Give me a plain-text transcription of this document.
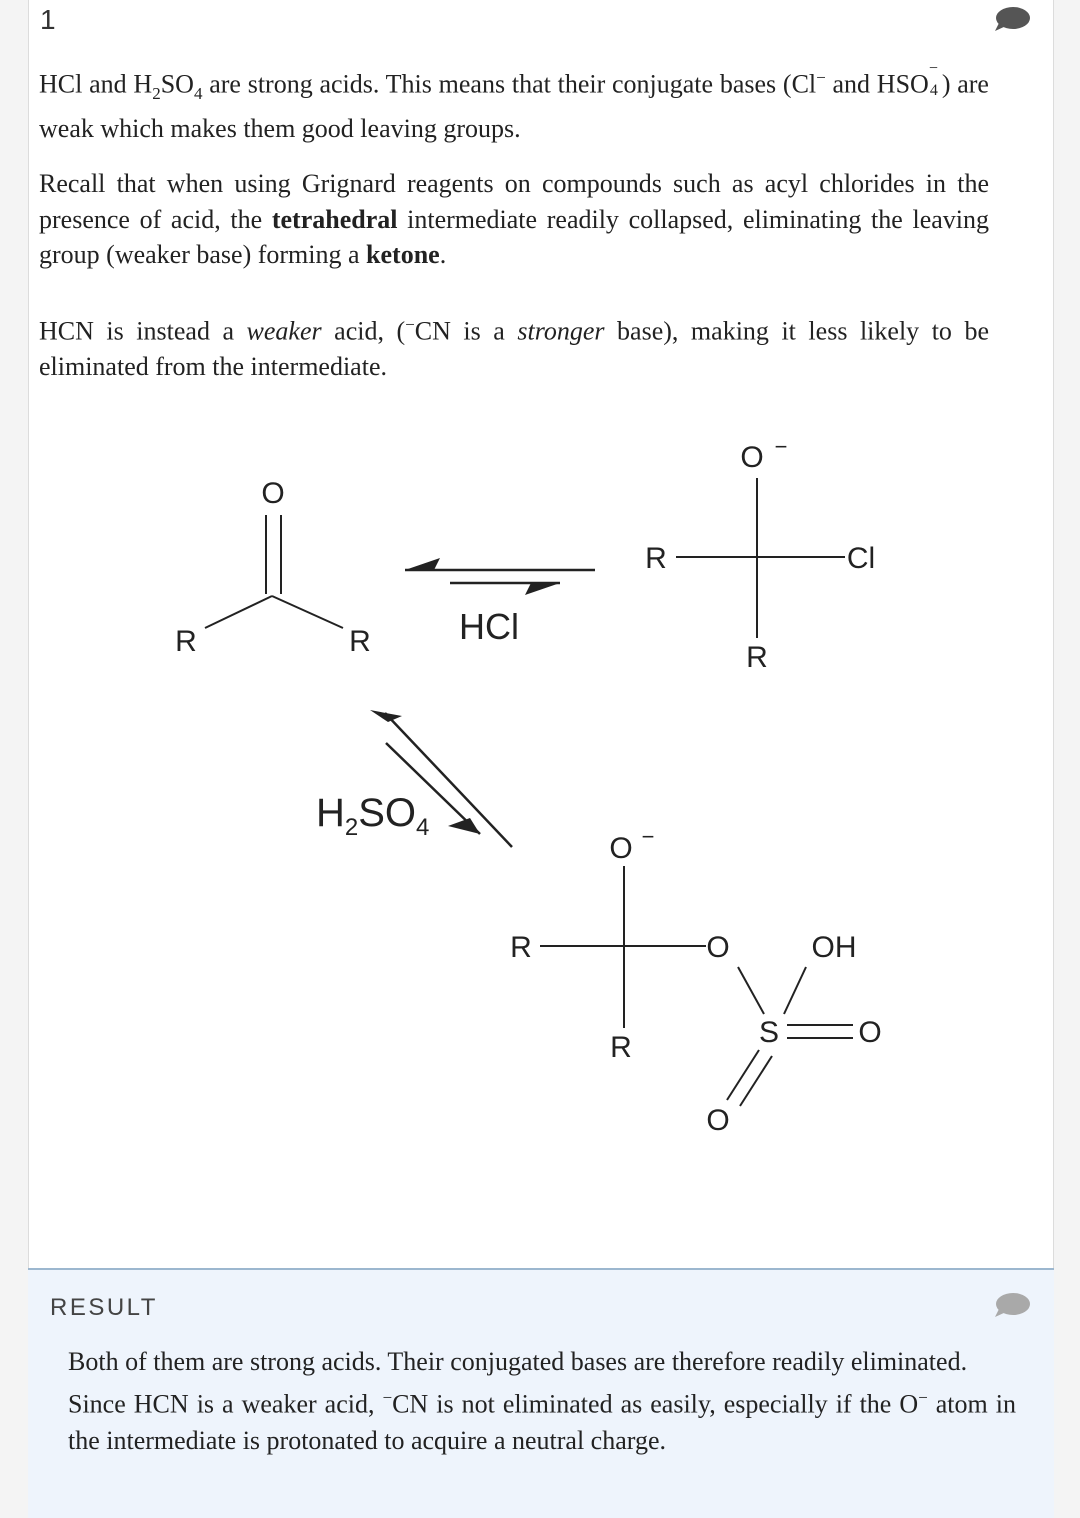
1
HCl and $H_2SO_4$ are strong acids. This means that their conjugate bases (Cl− and HSO
−
4 ) are weak which makes them good leaving groups.
Recall that when using Grignard reagents on compounds such as acyl chlorides in the presence of acid, the tetrahedral intermediate readily collapsed, eliminating the leaving group (weaker base) forming a ketone.
HCN is instead a weaker acid, (−CN is a stronger base), making it less likely to be eliminated from the intermediate.
O
R	R HCl
O −
R	Cl
R
$H_2SO_4$
O −
R	O
R	S
OH
O
O
RESULT
Both of them are strong acids. Their conjugated bases are therefore readily eliminated.
Since HCN is a weaker acid, −CN is not eliminated as easily, especially if the O− atom in the intermediate is protonated to acquire a neutral charge.
